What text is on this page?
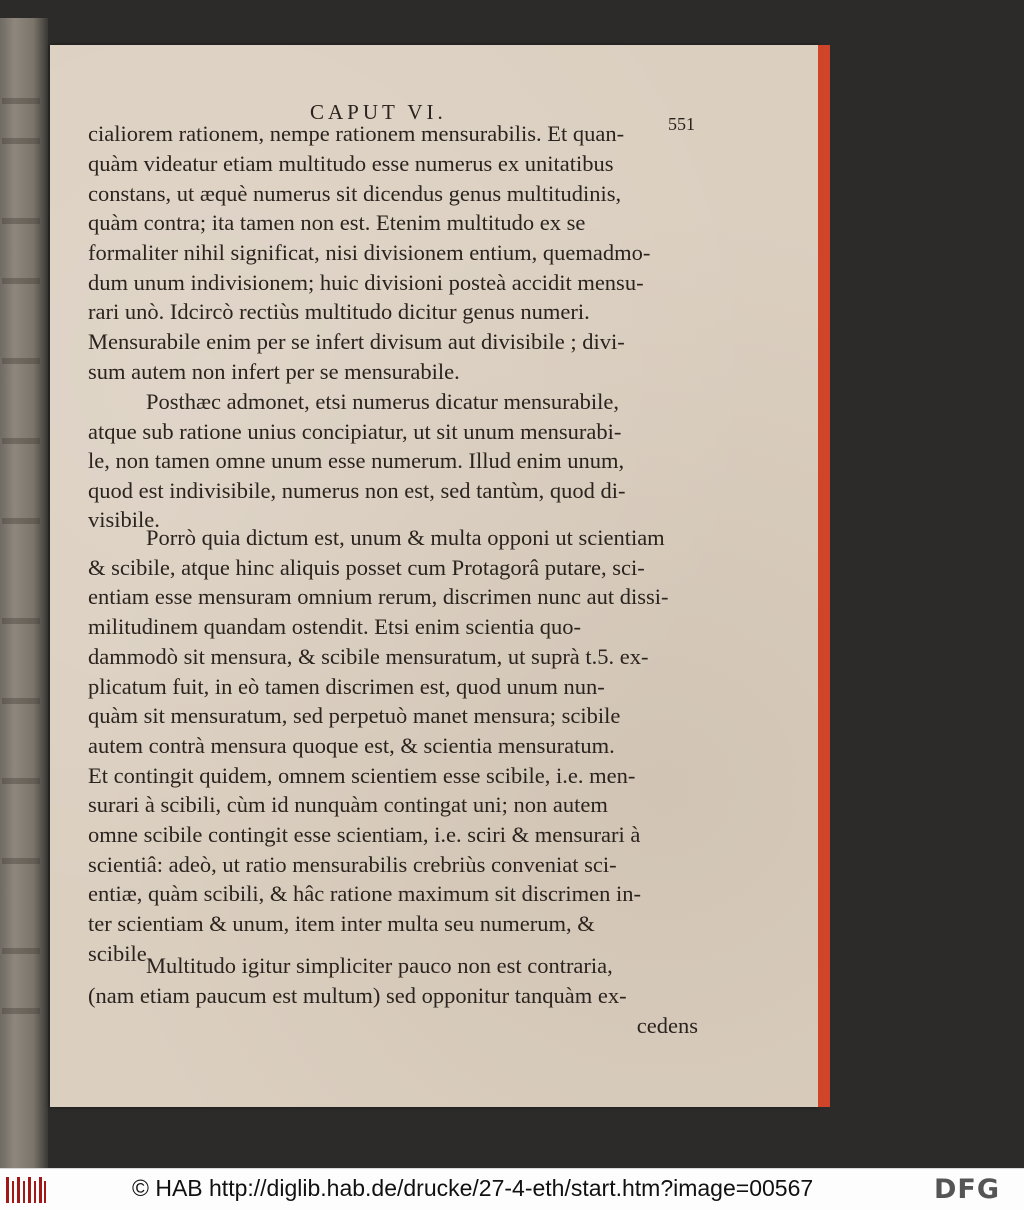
CAPUT VI.	551
cialiorem rationem, nempe rationem mensurabilis. Et quan-
quàm videatur etiam multitudo esse numerus ex unitatibus
constans, ut æquè numerus sit dicendus genus multitudinis,
quàm contra; ita tamen non est. Etenim multitudo ex se
formaliter nihil significat, nisi divisionem entium, quemadmo-
dum unum indivisionem; huic divisioni posteà accidit mensu-
rari unò. Idcircò rectiùs multitudo dicitur genus numeri.
Mensurabile enim per se infert divisum aut divisibile ; divi-
sum autem non infert per se mensurabile.
Posthæc admonet, etsi numerus dicatur mensurabile,
atque sub ratione unius concipiatur, ut sit unum mensurabi-
le, non tamen omne unum esse numerum. Illud enim unum,
quod est indivisibile, numerus non est, sed tantùm, quod di-
visibile.
Porrò quia dictum est, unum & multa opponi ut scientiam
& scibile, atque hinc aliquis posset cum Protagorâ putare, sci-
entiam esse mensuram omnium rerum, discrimen nunc aut dissi-
militudinem quandam ostendit. Etsi enim scientia quo-
dammodò sit mensura, & scibile mensuratum, ut suprà t.5. ex-
plicatum fuit, in eò tamen discrimen est, quod unum nun-
quàm sit mensuratum, sed perpetuò manet mensura; scibile
autem contrà mensura quoque est, & scientia mensuratum.
Et contingit quidem, omnem scientiem esse scibile, i.e. men-
surari à scibili, cùm id nunquàm contingat uni; non autem
omne scibile contingit esse scientiam, i.e. sciri & mensurari à
scientiâ: adeò, ut ratio mensurabilis crebriùs conveniat sci-
entiæ, quàm scibili, & hâc ratione maximum sit discrimen in-
ter scientiam & unum, item inter multa seu numerum, &
scibile.
Multitudo igitur simpliciter pauco non est contraria,
(nam etiam paucum est multum) sed opponitur tanquàm ex-
cedens
© HAB http://diglib.hab.de/drucke/27-4-eth/start.htm?image=00567	DFG
